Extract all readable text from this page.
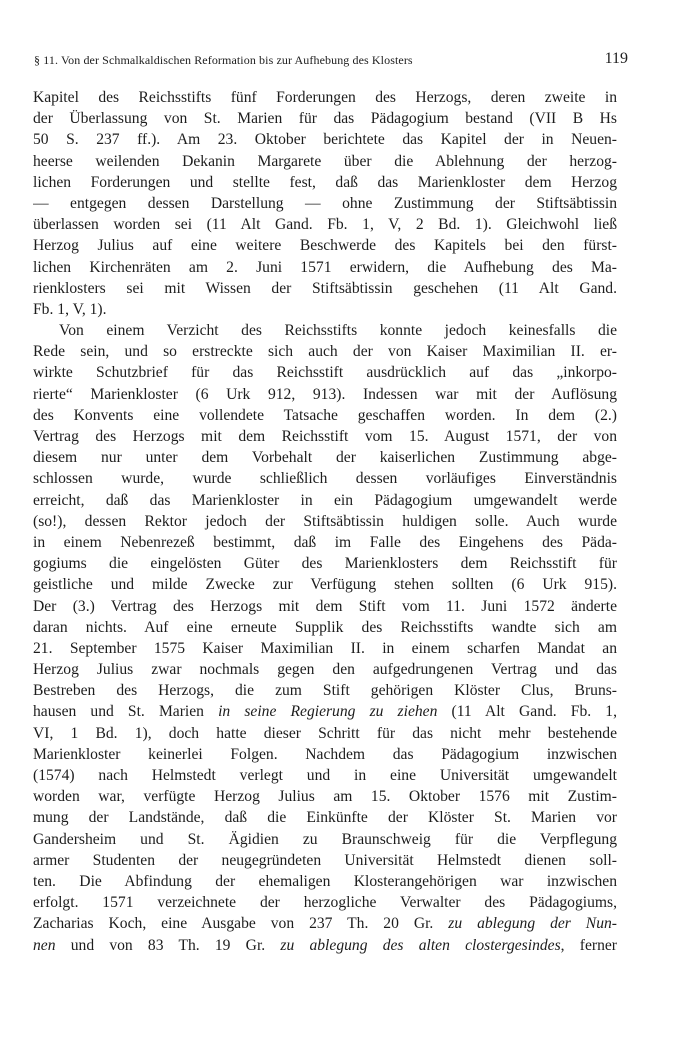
§ 11. Von der Schmalkaldischen Reformation bis zur Aufhebung des Klosters	119
Kapitel des Reichsstifts fünf Forderungen des Herzogs, deren zweite in
der Überlassung von St. Marien für das Pädagogium bestand (VII B Hs
50 S. 237 ff.). Am 23. Oktober berichtete das Kapitel der in Neuen-
heerse weilenden Dekanin Margarete über die Ablehnung der herzog-
lichen Forderungen und stellte fest, daß das Marienkloster dem Herzog
— entgegen dessen Darstellung — ohne Zustimmung der Stiftsäbtissin
überlassen worden sei (11 Alt Gand. Fb. 1, V, 2 Bd. 1). Gleichwohl ließ
Herzog Julius auf eine weitere Beschwerde des Kapitels bei den fürst-
lichen Kirchenräten am 2. Juni 1571 erwidern, die Aufhebung des Ma-
rienklosters sei mit Wissen der Stiftsäbtissin geschehen (11 Alt Gand.
Fb. 1, V, 1).
Von einem Verzicht des Reichsstifts konnte jedoch keinesfalls die
Rede sein, und so erstreckte sich auch der von Kaiser Maximilian II. er-
wirkte Schutzbrief für das Reichsstift ausdrücklich auf das „inkorpo-
rierte“ Marienkloster (6 Urk 912, 913). Indessen war mit der Auflösung
des Konvents eine vollendete Tatsache geschaffen worden. In dem (2.)
Vertrag des Herzogs mit dem Reichsstift vom 15. August 1571, der von
diesem nur unter dem Vorbehalt der kaiserlichen Zustimmung abge-
schlossen wurde, wurde schließlich dessen vorläufiges Einverständnis
erreicht, daß das Marienkloster in ein Pädagogium umgewandelt werde
(so!), dessen Rektor jedoch der Stiftsäbtissin huldigen solle. Auch wurde
in einem Nebenrezeß bestimmt, daß im Falle des Eingehens des Päda-
gogiums die eingelösten Güter des Marienklosters dem Reichsstift für
geistliche und milde Zwecke zur Verfügung stehen sollten (6 Urk 915).
Der (3.) Vertrag des Herzogs mit dem Stift vom 11. Juni 1572 änderte
daran nichts. Auf eine erneute Supplik des Reichsstifts wandte sich am
21. September 1575 Kaiser Maximilian II. in einem scharfen Mandat an
Herzog Julius zwar nochmals gegen den aufgedrungenen Vertrag und das
Bestreben des Herzogs, die zum Stift gehörigen Klöster Clus, Bruns-
hausen und St. Marien in seine Regierung zu ziehen (11 Alt Gand. Fb. 1,
VI, 1 Bd. 1), doch hatte dieser Schritt für das nicht mehr bestehende
Marienkloster keinerlei Folgen. Nachdem das Pädagogium inzwischen
(1574) nach Helmstedt verlegt und in eine Universität umgewandelt
worden war, verfügte Herzog Julius am 15. Oktober 1576 mit Zustim-
mung der Landstände, daß die Einkünfte der Klöster St. Marien vor
Gandersheim und St. Ägidien zu Braunschweig für die Verpflegung
armer Studenten der neugegründeten Universität Helmstedt dienen soll-
ten. Die Abfindung der ehemaligen Klosterangehörigen war inzwischen
erfolgt. 1571 verzeichnete der herzogliche Verwalter des Pädagogiums,
Zacharias Koch, eine Ausgabe von 237 Th. 20 Gr. zu ablegung der Nun-
nen und von 83 Th. 19 Gr. zu ablegung des alten clostergesindes, ferner
